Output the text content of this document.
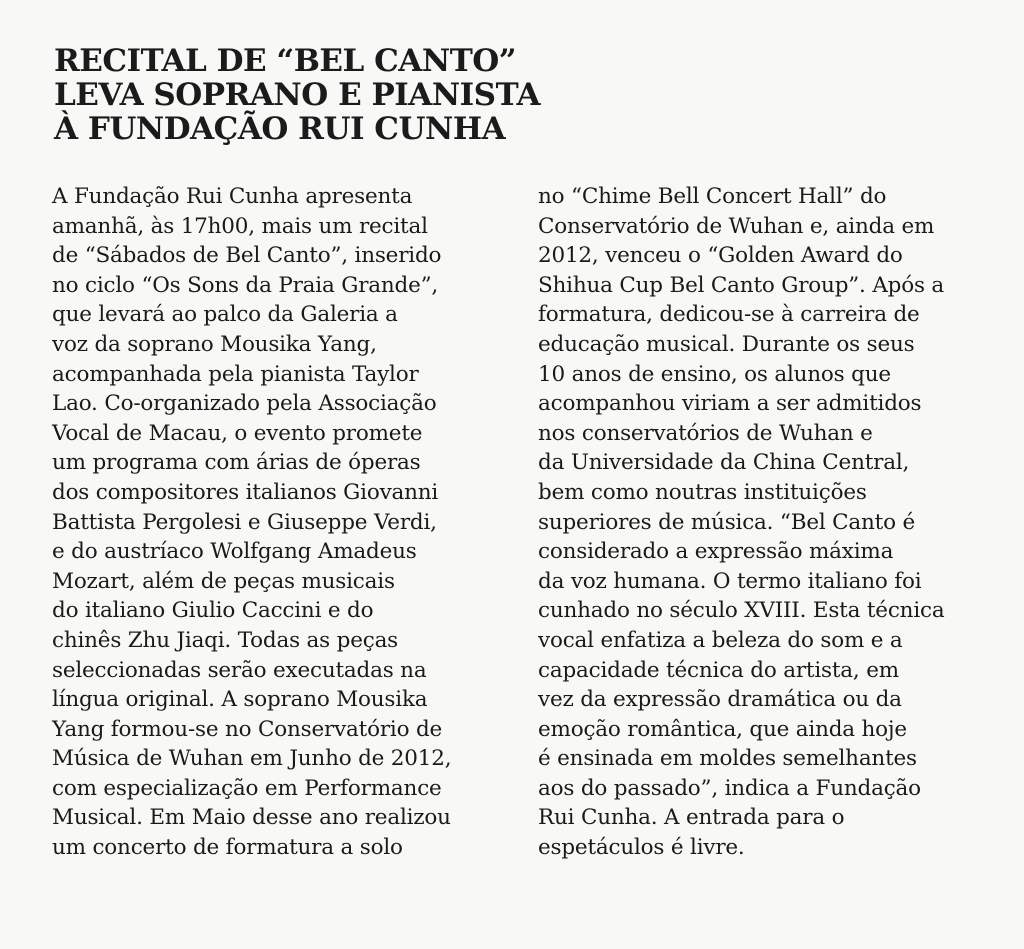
RECITAL DE “BEL CANTO”
LEVA SOPRANO E PIANISTA
À FUNDAÇÃO RUI CUNHA
A Fundação Rui Cunha apresenta
amanhã, às 17h00, mais um recital
de “Sábados de Bel Canto”, inserido
no ciclo “Os Sons da Praia Grande”,
que levará ao palco da Galeria a
voz da soprano Mousika Yang,
acompanhada pela pianista Taylor
Lao. Co-organizado pela Associação
Vocal de Macau, o evento promete
um programa com árias de óperas
dos compositores italianos Giovanni
Battista Pergolesi e Giuseppe Verdi,
e do austríaco Wolfgang Amadeus
Mozart, além de peças musicais
do italiano Giulio Caccini e do
chinês Zhu Jiaqi. Todas as peças
seleccionadas serão executadas na
língua original. A soprano Mousika
Yang formou-se no Conservatório de
Música de Wuhan em Junho de 2012,
com especialização em Performance
Musical. Em Maio desse ano realizou
um concerto de formatura a solo
no “Chime Bell Concert Hall” do
Conservatório de Wuhan e, ainda em
2012, venceu o “Golden Award do
Shihua Cup Bel Canto Group”. Após a
formatura, dedicou-se à carreira de
educação musical. Durante os seus
10 anos de ensino, os alunos que
acompanhou viriam a ser admitidos
nos conservatórios de Wuhan e
da Universidade da China Central,
bem como noutras instituições
superiores de música. “Bel Canto é
considerado a expressão máxima
da voz humana. O termo italiano foi
cunhado no século XVIII. Esta técnica
vocal enfatiza a beleza do som e a
capacidade técnica do artista, em
vez da expressão dramática ou da
emoção romântica, que ainda hoje
é ensinada em moldes semelhantes
aos do passado”, indica a Fundação
Rui Cunha. A entrada para o
espetáculos é livre.
